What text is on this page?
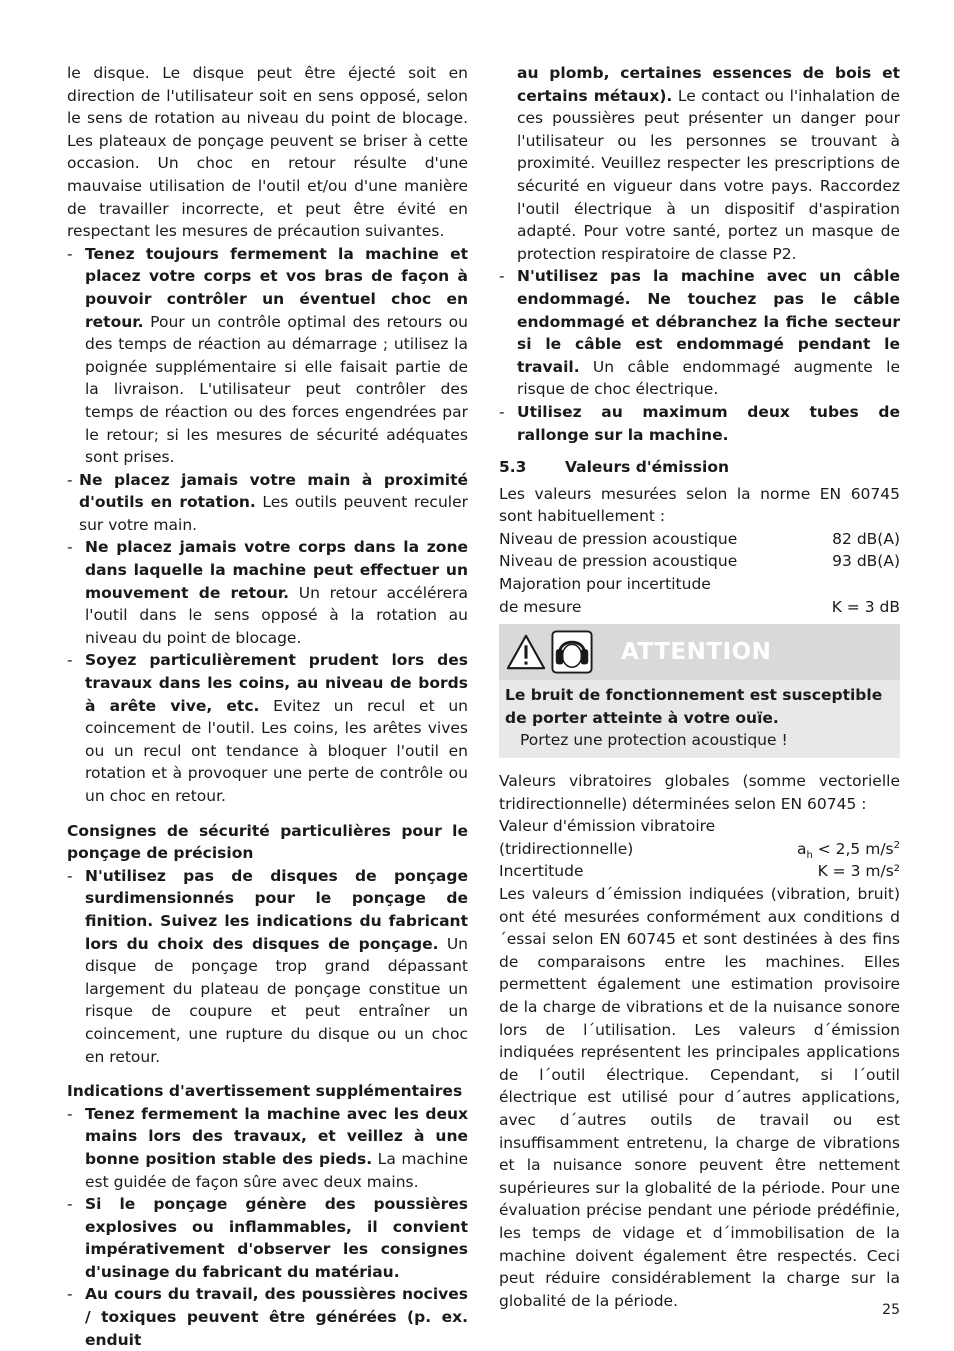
le disque. Le disque peut être éjecté soit en direction de l'utilisateur soit en sens opposé, selon le sens de rotation au niveau du point de blocage. Les plateaux de ponçage peuvent se briser à cette occasion. Un choc en retour résulte d'une mauvaise utilisation de l'outil et/ou d'une manière de travailler incorrecte, et peut être évité en respectant les mesures de précaution suivantes.

- Tenez toujours fermement la machine et placez votre corps et vos bras de façon à pouvoir contrôler un éventuel choc en retour. Pour un contrôle optimal des retours ou des temps de réaction au démarrage ; utilisez la poignée supplémentaire si elle faisait partie de la livraison. L'utilisateur peut contrôler des temps de réaction ou des forces engendrées par le retour; si les mesures de sécurité adéquates sont prises.
- Ne placez jamais votre main à proximité d'outils en rotation. Les outils peuvent reculer sur votre main.
- Ne placez jamais votre corps dans la zone dans laquelle la machine peut effectuer un mouvement de retour. Un retour accélérera l'outil dans le sens opposé à la rotation au niveau du point de blocage.
- Soyez particulièrement prudent lors des travaux dans les coins, au niveau de bords à arête vive, etc. Evitez un recul et un coincement de l'outil. Les coins, les arêtes vives ou un recul ont tendance à bloquer l'outil en rotation et à provoquer une perte de contrôle ou un choc en retour.

Consignes de sécurité particulières pour le ponçage de précision

- N'utilisez pas de disques de ponçage surdimensionnés pour le ponçage de finition. Suivez les indications du fabricant lors du choix des disques de ponçage. Un disque de ponçage trop grand dépassant largement du plateau de ponçage constitue un risque de coupure et peut entraîner un coincement, une rupture du disque ou un choc en retour.

Indications d'avertissement supplémentaires

- Tenez fermement la machine avec les deux mains lors des travaux, et veillez à une bonne position stable des pieds. La machine est guidée de façon sûre avec deux mains.
- Si le ponçage génère des poussières explosives ou inflammables, il convient impérativement d'observer les consignes d'usinage du fabricant du matériau.
- Au cours du travail, des poussières nocives / toxiques peuvent être générées (p. ex. enduit
au plomb, certaines essences de bois et certains métaux). Le contact ou l'inhalation de ces poussières peut présenter un danger pour l'utilisateur ou les personnes se trouvant à proximité. Veuillez respecter les prescriptions de sécurité en vigueur dans votre pays. Raccordez l'outil électrique à un dispositif d'aspiration adapté. Pour votre santé, portez un masque de protection respiratoire de classe P2.
- N'utilisez pas la machine avec un câble endommagé. Ne touchez pas le câble endommagé et débranchez la fiche secteur si le câble est endommagé pendant le travail. Un câble endommagé augmente le risque de choc électrique.
- Utilisez au maximum deux tubes de rallonge sur la machine.
5.3	Valeurs d'émission

Les valeurs mesurées selon la norme EN 60745 sont habituellement :

Niveau de pression acoustique	82 dB(A)
Niveau de pression acoustique	93 dB(A)
Majoration pour incertitude
de mesure	K = 3 dB
ATTENTION
Le bruit de fonctionnement est susceptible de porter atteinte à votre ouïe.
Portez une protection acoustique !

Valeurs vibratoires globales (somme vectorielle tridirectionnelle) déterminées selon EN 60745 :

Valeur d'émission vibratoire
(tridirectionnelle)	$a_h < 2,5$ $m/s^2$
Incertitude	K = 3 m/s²

Les valeurs d´émission indiquées (vibration, bruit) ont été mesurées conformément aux conditions d´essai selon EN 60745 et sont destinées à des fins de comparaisons entre les machines. Elles permettent également une estimation provisoire de la charge de vibrations et de la nuisance sonore lors de l´utilisation. Les valeurs d´émission indiquées représentent les principales applications de l´outil électrique. Cependant, si l´outil électrique est utilisé pour d´autres applications, avec d´autres outils de travail ou est insuffisamment entretenu, la charge de vibrations et la nuisance sonore peuvent être nettement supérieures sur la globalité de la période. Pour une évaluation précise pendant une période prédéfinie, les temps de vidage et d´immobilisation de la machine doivent également être respectés. Ceci peut réduire considérablement la charge sur la globalité de la période.

25
